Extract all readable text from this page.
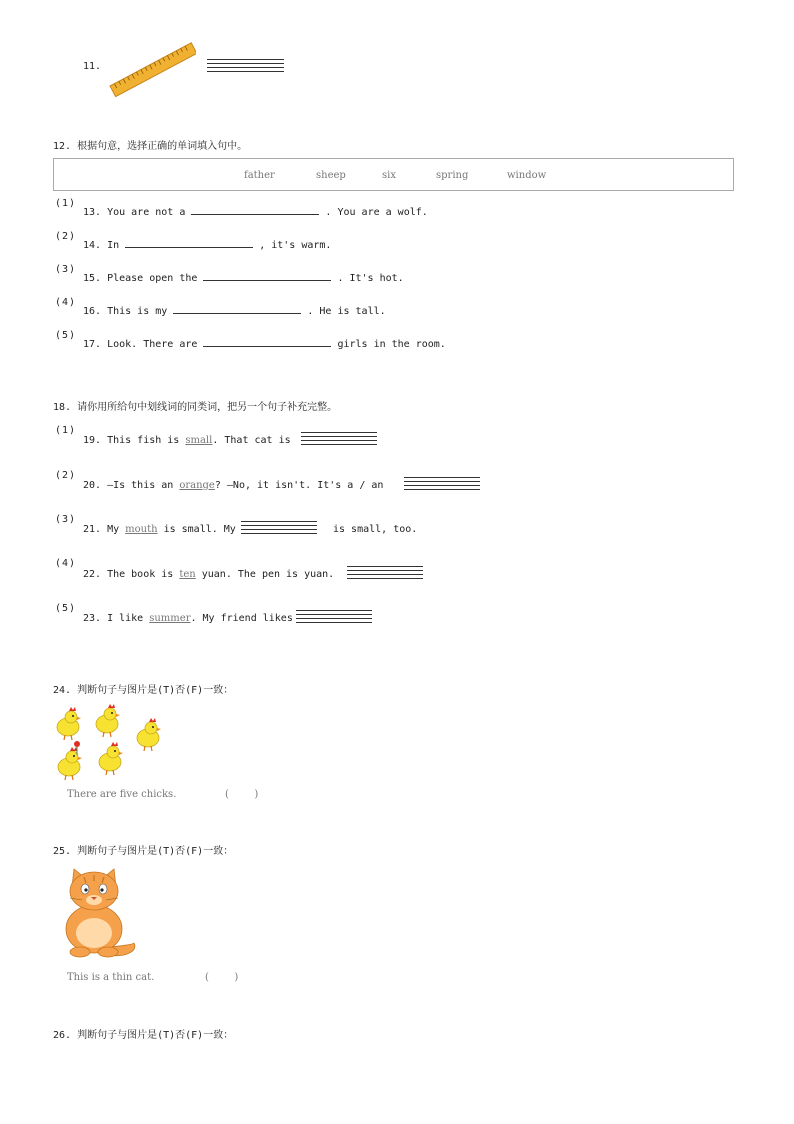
11.
12. 根据句意，选择正确的单词填入句中。
father	sheep	six	spring	window
(1)
13. You are not a	. You are a wolf.
(2)
14. In	, it's warm.
(3)
15. Please open the	. It's hot.
(4)
16. This is my	. He is tall.
(5)
17. Look. There are	girls in the room.
18. 请你用所给句中划线词的同类词，把另一个句子补充完整。
(1)
19. This fish is small. That cat is
(2)
20. —Is this an orange? —No, it isn't. It's a / an
(3)
21. My mouth is small. My	is small, too.
(4)
22. The book is ten yuan. The pen is yuan.
(5)
23. I like summer. My friend likes
24. 判断句子与图片是(T)否(F)一致：
There are five chicks.	(        )
25. 判断句子与图片是(T)否(F)一致：
This is a thin cat.	(        )
26. 判断句子与图片是(T)否(F)一致：
